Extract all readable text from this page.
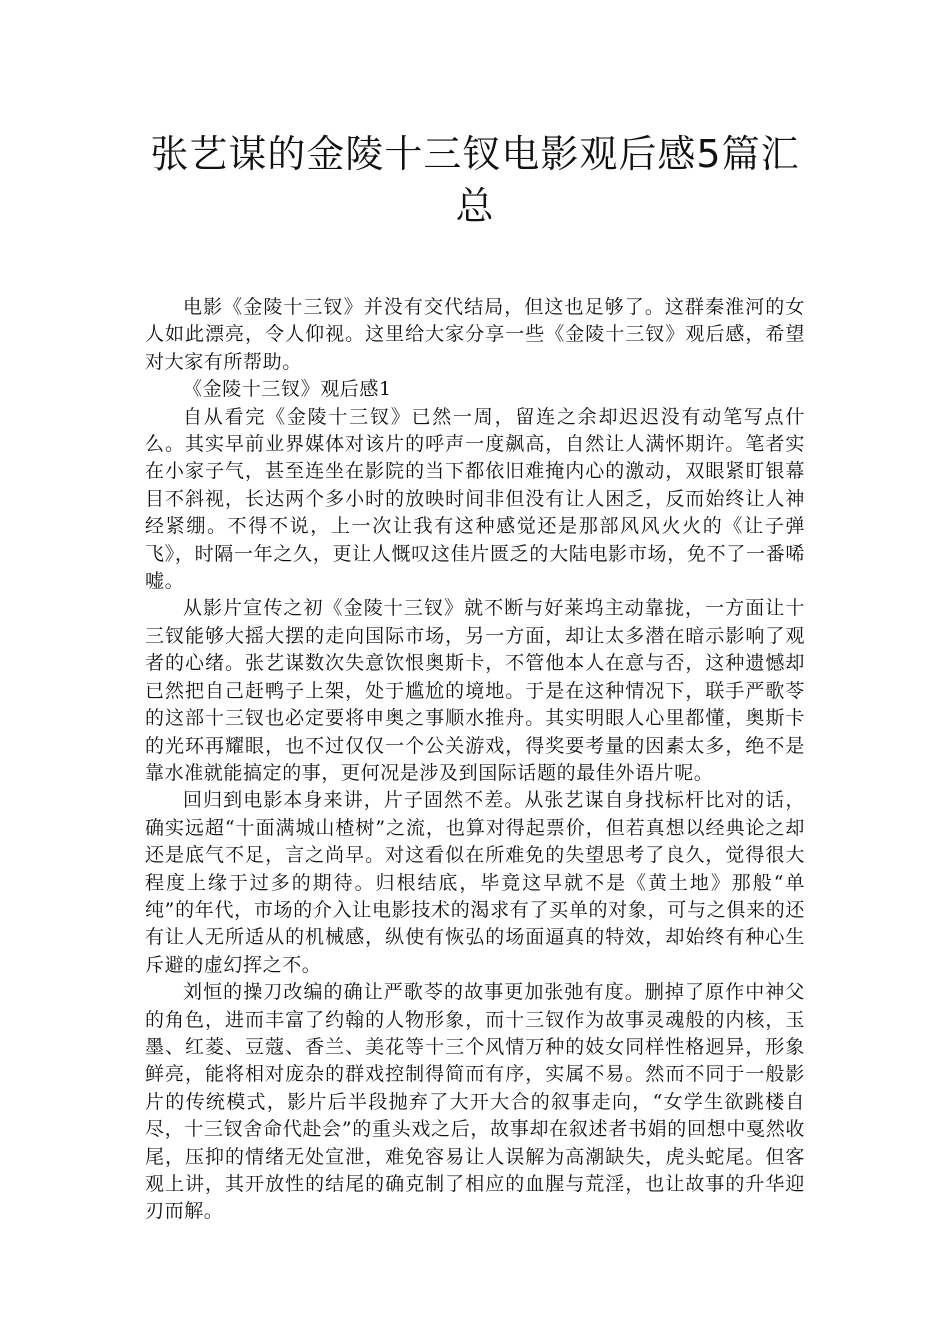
张艺谋的金陵十三钗电影观后感5篇汇总

电影《金陵十三钗》并没有交代结局，但这也足够了。这群秦淮河的女人如此漂亮，令人仰视。这里给大家分享一些《金陵十三钗》观后感，希望对大家有所帮助。

《金陵十三钗》观后感1

自从看完《金陵十三钗》已然一周，留连之余却迟迟没有动笔写点什么。其实早前业界媒体对该片的呼声一度飙高，自然让人满怀期许。笔者实在小家子气，甚至连坐在影院的当下都依旧难掩内心的激动，双眼紧盯银幕目不斜视，长达两个多小时的放映时间非但没有让人困乏，反而始终让人神经紧绷。不得不说，上一次让我有这种感觉还是那部风风火火的《让子弹飞》，时隔一年之久，更让人慨叹这佳片匮乏的大陆电影市场，免不了一番唏嘘。

从影片宣传之初《金陵十三钗》就不断与好莱坞主动靠拢，一方面让十三钗能够大摇大摆的走向国际市场，另一方面，却让太多潜在暗示影响了观者的心绪。张艺谋数次失意饮恨奥斯卡，不管他本人在意与否，这种遗憾却已然把自己赶鸭子上架，处于尴尬的境地。于是在这种情况下，联手严歌苓的这部十三钗也必定要将申奥之事顺水推舟。其实明眼人心里都懂，奥斯卡的光环再耀眼，也不过仅仅一个公关游戏，得奖要考量的因素太多，绝不是靠水准就能搞定的事，更何况是涉及到国际话题的最佳外语片呢。

回归到电影本身来讲，片子固然不差。从张艺谋自身找标杆比对的话，确实远超“十面满城山楂树”之流，也算对得起票价，但若真想以经典论之却还是底气不足，言之尚早。对这看似在所难免的失望思考了良久，觉得很大程度上缘于过多的期待。归根结底，毕竟这早就不是《黄土地》那般“单纯”的年代，市场的介入让电影技术的渴求有了买单的对象，可与之俱来的还有让人无所适从的机械感，纵使有恢弘的场面逼真的特效，却始终有种心生斥避的虚幻挥之不。

刘恒的操刀改编的确让严歌苓的故事更加张弛有度。删掉了原作中神父的角色，进而丰富了约翰的人物形象，而十三钗作为故事灵魂般的内核，玉墨、红菱、豆蔻、香兰、美花等十三个风情万种的妓女同样性格迥异，形象鲜亮，能将相对庞杂的群戏控制得简而有序，实属不易。然而不同于一般影片的传统模式，影片后半段抛弃了大开大合的叙事走向，“女学生欲跳楼自尽，十三钗舍命代赴会”的重头戏之后，故事却在叙述者书娟的回想中戛然收尾，压抑的情绪无处宣泄，难免容易让人误解为高潮缺失，虎头蛇尾。但客观上讲，其开放性的结尾的确克制了相应的血腥与荒淫，也让故事的升华迎刃而解。
